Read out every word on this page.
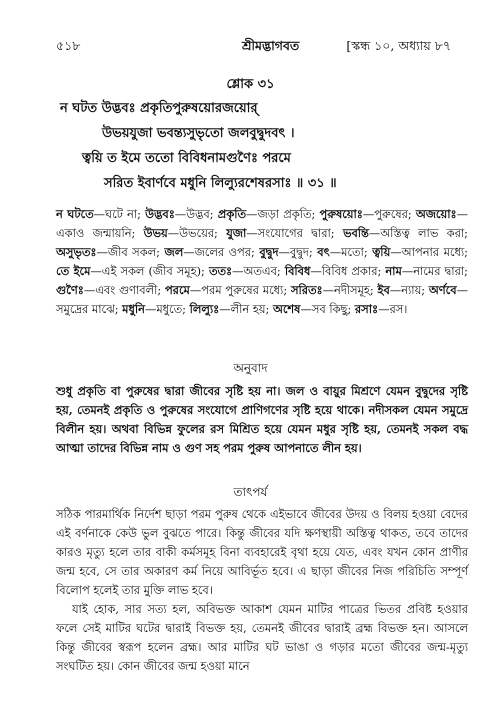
৫১৮	শ্রীমদ্ভাগবত	[স্কন্ধ ১০, অধ্যায় ৮৭
শ্লোক ৩১
ন ঘটত উদ্ভবঃ প্রকৃতিপুরুষয়োরজয়োর্
উভয়যুজা ভবন্ত্যসুভৃতো জলবুদ্বুদবৎ ।
ত্বয়ি ত ইমে ততো বিবিধনামগুণৈঃ পরমে
সরিত ইবার্ণবে মধুনি লিল্যুরশেষরসাঃ ॥ ৩১ ॥

ন ঘটতে—ঘটে না; উদ্ভবঃ—উদ্ভব; প্রকৃতি—জড়া প্রকৃতি; পুরুষয়োঃ—পুরুষের; অজয়োঃ—একাও জন্মায়নি; উভয়—উভয়ের; যুজা—সংযোগের দ্বারা; ভবন্তি—অস্তিত্ব লাভ করা; অসুভৃতঃ—জীব সকল; জল—জলের ওপর; বুদ্বুদ—বুদ্বুদ; বৎ—মতো; ত্বয়ি—আপনার মধ্যে; তে ইমে—এই সকল (জীব সমূহ); ততঃ—অতএব; বিবিধ—বিবিধ প্রকার; নাম—নামের দ্বারা; গুণৈঃ—এবং গুণাবলী; পরমে—পরম পুরুষের মধ্যে; সরিতঃ—নদীসমূহ; ইব—ন্যায়; অর্ণবে—সমুদ্রের মাঝে; মধুনি—মধুতে; লিল্যুঃ—লীন হয়; অশেষ—সব কিছু; রসাঃ—রস।

অনুবাদ

শুধু প্রকৃতি বা পুরুষের দ্বারা জীবের সৃষ্টি হয় না। জল ও বায়ুর মিশ্রণে যেমন বুদ্বুদের সৃষ্টি হয়, তেমনই প্রকৃতি ও পুরুষের সংযোগে প্রাণিগণের সৃষ্টি হয়ে থাকে। নদীসকল যেমন সমুদ্রে বিলীন হয়। অথবা বিভিন্ন ফুলের রস মিশ্রিত হয়ে যেমন মধুর সৃষ্টি হয়, তেমনই সকল বদ্ধ আত্মা তাদের বিভিন্ন নাম ও গুণ সহ পরম পুরুষ আপনাতে লীন হয়।

তাৎপর্য

সঠিক পারমার্থিক নির্দেশ ছাড়া পরম পুরুষ থেকে এইভাবে জীবের উদয় ও বিলয় হওয়া বেদের এই বর্ণনাকে কেউ ভুল বুঝতে পারে। কিন্তু জীবের যদি ক্ষণস্থায়ী অস্তিত্ব থাকত, তবে তাদের কারও মৃত্যু হলে তার বাকী কর্মসমূহ বিনা ব্যবহারেই বৃথা হয়ে যেত, এবং যখন কোন প্রাণীর জন্ম হবে, সে তার অকারণ কর্ম নিয়ে আবির্ভূত হবে। এ ছাড়া জীবের নিজ পরিচিতি সম্পূর্ণ বিলোপ হলেই তার মুক্তি লাভ হবে।

যাই হোক, সার সত্য হল, অবিভক্ত আকাশ যেমন মাটির পাত্রের ভিতর প্রবিষ্ট হওয়ার ফলে সেই মাটির ঘটের দ্বারাই বিভক্ত হয়, তেমনই জীবের দ্বারাই ব্রহ্ম বিভক্ত হন। আসলে কিন্তু জীবের স্বরূপ হলেন ব্রহ্ম। আর মাটির ঘট ভাঙা ও গড়ার মতো জীবের জন্ম-মৃত্যু সংঘটিত হয়। কোন জীবের জন্ম হওয়া মানে
